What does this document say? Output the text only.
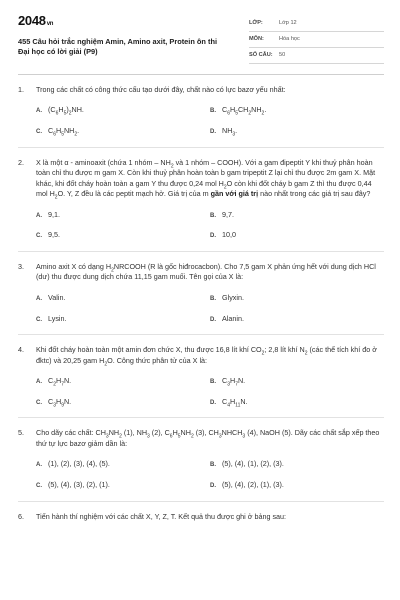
2048vn
455 Câu hỏi trắc nghiệm Amin, Amino axit, Protein ôn thi Đại học có lời giải (P9)
LỚP:	Lớp 12
MÔN:	Hóa học
SỐ CÂU:	50
1.	Trong các chất có công thức cấu tạo dưới đây, chất nào có lực bazơ yếu nhất:
A. $(C_6H_5)_2NH$.	B. $C_6H_5CH_2NH_2$.
C. $C_6H_5NH_2$.	D. $NH_3$.
2.	X là một α - aminoaxit (chứa 1 nhóm – $NH_2$ và 1 nhóm – COOH). Với a gam đipeptit Y khi thuỷ phân hoàn toàn chỉ thu được m gam X. Còn khi thuỷ phân hoàn toàn b gam tripeptit Z lại chỉ thu được 2m gam X. Mặt khác, khi đốt cháy hoàn toàn a gam Y thu được 0,24 mol $H_2O$ còn khi đốt cháy b gam Z thì thu được 0,44 mol $H_2O$. Y, Z đều là các peptit mạch hở. Giá trị của m gần với giá trị nào nhất trong các giá trị sau đây?
A. 9,1.	B. 9,7.
C. 9,5.	D. 10,0
3.	Amino axit X có dạng $H_2NRCOOH$ (R là gốc hiđrocacbon). Cho 7,5 gam X phản ứng hết với dung dịch HCl (dư) thu được dung dịch chứa 11,15 gam muối. Tên gọi của X là:
A. Valin.	B. Glyxin.
C. Lysin.	D. Alanin.
4.	Khi đốt cháy hoàn toàn một amin đơn chức X, thu được 16,8 lít khí $CO_2$; 2,8 lít khí $N_2$ (các thể tích khí đo ở đktc) và 20,25 gam $H_2O$. Công thức phân tử của X là:
A. $C_2H_7N$.	B. $C_3H_7N$.
C. $C_3H_9N$.	D. $C_4H_{11}N$.
5.	Cho dãy các chất: $CH_3NH_2$ (1), $NH_3$ (2), $C_6H_5NH_2$ (3), $CH_3NHCH_3$ (4), NaOH (5). Dãy các chất sắp xếp theo thứ tự lực bazơ giảm dần là:
A. (1), (2), (3), (4), (5).	B. (5), (4), (1), (2), (3).
C. (5), (4), (3), (2), (1).	D. (5), (4), (2), (1), (3).
6.	Tiến hành thí nghiệm với các chất X, Y, Z, T. Kết quả thu được ghi ở bảng sau:
